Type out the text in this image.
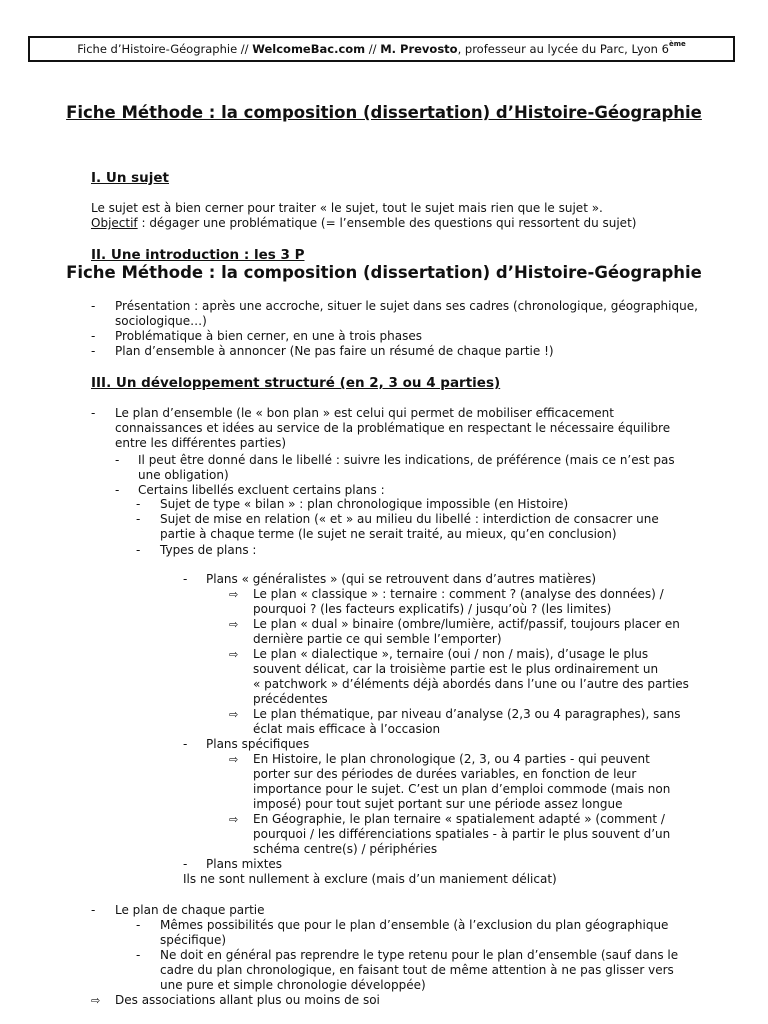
Fiche d’Histoire-Géographie // WelcomeBac.com // M. Prevosto, professeur au lycée du Parc, Lyon 6ème
Fiche Méthode : la composition (dissertation) d’Histoire-Géographie
I. Un sujet
Le sujet est à bien cerner pour traiter « le sujet, tout le sujet mais rien que le sujet ».
Objectif : dégager une problématique (= l’ensemble des questions qui ressortent du sujet)
II. Une introduction : les 3 P
Fiche Méthode : la composition (dissertation) d’Histoire-Géographie
- Présentation : après une accroche, situer le sujet dans ses cadres (chronologique, géographique,
sociologique…)
- Problématique à bien cerner, en une à trois phases
- Plan d’ensemble à annoncer (Ne pas faire un résumé de chaque partie !)
III. Un développement structuré (en 2, 3 ou 4 parties)
- Le plan d’ensemble (le « bon plan » est celui qui permet de mobiliser efficacement
connaissances et idées au service de la problématique en respectant le nécessaire équilibre
entre les différentes parties)
- Il peut être donné dans le libellé : suivre les indications, de préférence (mais ce n’est pas
une obligation)
- Certains libellés excluent certains plans :
- Sujet de type « bilan » : plan chronologique impossible (en Histoire)
- Sujet de mise en relation (« et » au milieu du libellé : interdiction de consacrer une
partie à chaque terme (le sujet ne serait traité, au mieux, qu’en conclusion)
- Types de plans :
- Plans « généralistes » (qui se retrouvent dans d’autres matières)
⇨ Le plan « classique » : ternaire : comment ? (analyse des données) /
pourquoi ? (les facteurs explicatifs) / jusqu’où ? (les limites)
⇨ Le plan « dual » binaire (ombre/lumière, actif/passif, toujours placer en
dernière partie ce qui semble l’emporter)
⇨ Le plan « dialectique », ternaire (oui / non / mais), d’usage le plus
souvent délicat, car la troisième partie est le plus ordinairement un
« patchwork » d’éléments déjà abordés dans l’une ou l’autre des parties
précédentes
⇨ Le plan thématique, par niveau d’analyse (2,3 ou 4 paragraphes), sans
éclat mais efficace à l’occasion
- Plans spécifiques
⇨ En Histoire, le plan chronologique (2, 3, ou 4 parties - qui peuvent
porter sur des périodes de durées variables, en fonction de leur
importance pour le sujet. C’est un plan d’emploi commode (mais non
imposé) pour tout sujet portant sur une période assez longue
⇨ En Géographie, le plan ternaire « spatialement adapté » (comment /
pourquoi / les différenciations spatiales - à partir le plus souvent d’un
schéma centre(s) / périphéries
- Plans mixtes
Ils ne sont nullement à exclure (mais d’un maniement délicat)
- Le plan de chaque partie
- Mêmes possibilités que pour le plan d’ensemble (à l’exclusion du plan géographique
spécifique)
- Ne doit en général pas reprendre le type retenu pour le plan d’ensemble (sauf dans le
cadre du plan chronologique, en faisant tout de même attention à ne pas glisser vers
une pure et simple chronologie développée)
⇨ Des associations allant plus ou moins de soi
